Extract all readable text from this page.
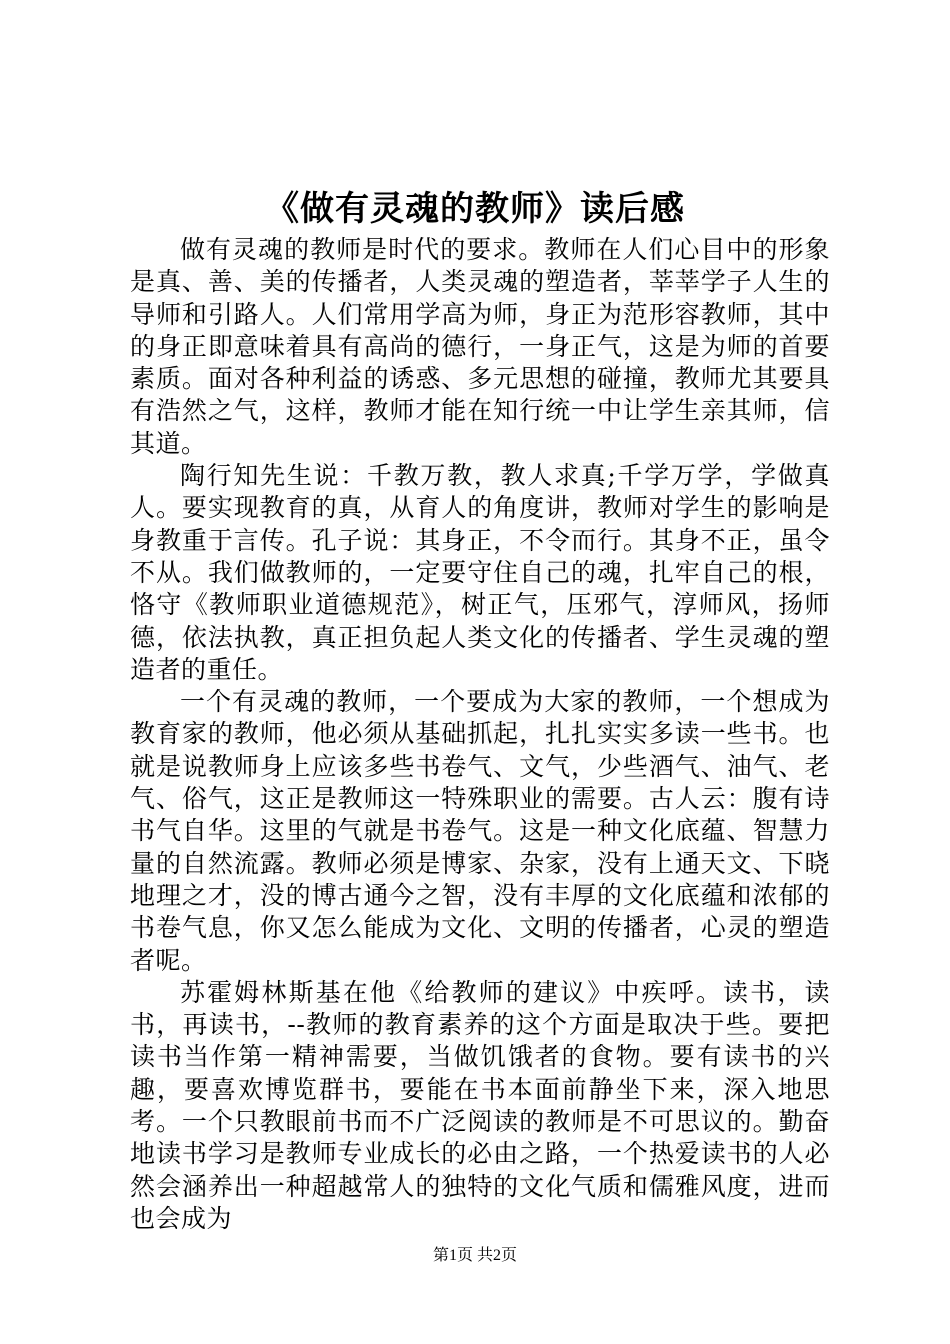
《做有灵魂的教师》读后感

做有灵魂的教师是时代的要求。教师在人们心目中的形象是真、善、美的传播者，人类灵魂的塑造者，莘莘学子人生的导师和引路人。人们常用学高为师，身正为范形容教师，其中的身正即意味着具有高尚的德行，一身正气，这是为师的首要素质。面对各种利益的诱惑、多元思想的碰撞，教师尤其要具有浩然之气，这样，教师才能在知行统一中让学生亲其师，信其道。

陶行知先生说：千教万教，教人求真;千学万学，学做真人。要实现教育的真，从育人的角度讲，教师对学生的影响是身教重于言传。孔子说：其身正，不令而行。其身不正，虽令不从。我们做教师的，一定要守住自己的魂，扎牢自己的根，恪守《教师职业道德规范》，树正气，压邪气，淳师风，扬师德，依法执教，真正担负起人类文化的传播者、学生灵魂的塑造者的重任。

一个有灵魂的教师，一个要成为大家的教师，一个想成为教育家的教师，他必须从基础抓起，扎扎实实多读一些书。也就是说教师身上应该多些书卷气、文气，少些酒气、油气、老气、俗气，这正是教师这一特殊职业的需要。古人云：腹有诗书气自华。这里的气就是书卷气。这是一种文化底蕴、智慧力量的自然流露。教师必须是博家、杂家，没有上通天文、下晓地理之才，没的博古通今之智，没有丰厚的文化底蕴和浓郁的书卷气息，你又怎么能成为文化、文明的传播者，心灵的塑造者呢。

苏霍姆林斯基在他《给教师的建议》中疾呼。读书，读书，再读书，--教师的教育素养的这个方面是取决于些。要把读书当作第一精神需要，当做饥饿者的食物。要有读书的兴趣，要喜欢博览群书，要能在书本面前静坐下来，深入地思考。一个只教眼前书而不广泛阅读的教师是不可思议的。勤奋地读书学习是教师专业成长的必由之路，一个热爱读书的人必然会涵养出一种超越常人的独特的文化气质和儒雅风度，进而也会成为

第1页 共2页
